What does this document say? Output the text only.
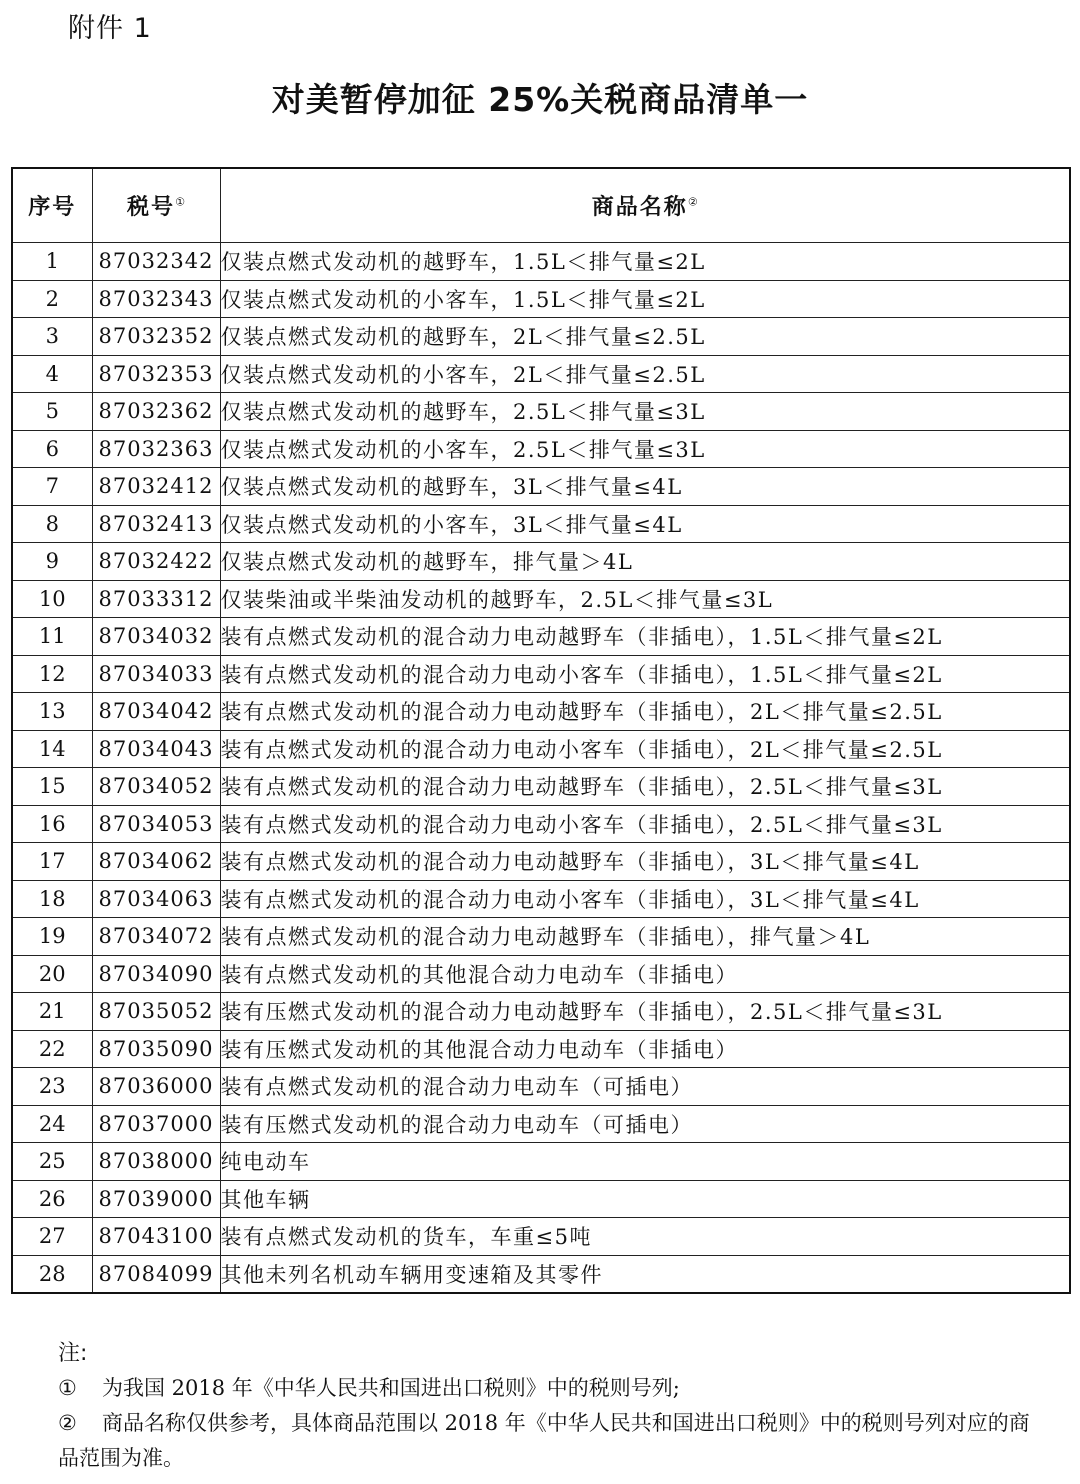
附件 1
对美暂停加征 25%关税商品清单一
序号	税号①	商品名称②
1	87032342	仅装点燃式发动机的越野车，1.5L＜排气量≤2L
2	87032343	仅装点燃式发动机的小客车，1.5L＜排气量≤2L
3	87032352	仅装点燃式发动机的越野车，2L＜排气量≤2.5L
4	87032353	仅装点燃式发动机的小客车，2L＜排气量≤2.5L
5	87032362	仅装点燃式发动机的越野车，2.5L＜排气量≤3L
6	87032363	仅装点燃式发动机的小客车，2.5L＜排气量≤3L
7	87032412	仅装点燃式发动机的越野车，3L＜排气量≤4L
8	87032413	仅装点燃式发动机的小客车，3L＜排气量≤4L
9	87032422	仅装点燃式发动机的越野车，排气量＞4L
10	87033312	仅装柴油或半柴油发动机的越野车，2.5L＜排气量≤3L
11	87034032	装有点燃式发动机的混合动力电动越野车（非插电），1.5L＜排气量≤2L
12	87034033	装有点燃式发动机的混合动力电动小客车（非插电），1.5L＜排气量≤2L
13	87034042	装有点燃式发动机的混合动力电动越野车（非插电），2L＜排气量≤2.5L
14	87034043	装有点燃式发动机的混合动力电动小客车（非插电），2L＜排气量≤2.5L
15	87034052	装有点燃式发动机的混合动力电动越野车（非插电），2.5L＜排气量≤3L
16	87034053	装有点燃式发动机的混合动力电动小客车（非插电），2.5L＜排气量≤3L
17	87034062	装有点燃式发动机的混合动力电动越野车（非插电），3L＜排气量≤4L
18	87034063	装有点燃式发动机的混合动力电动小客车（非插电），3L＜排气量≤4L
19	87034072	装有点燃式发动机的混合动力电动越野车（非插电），排气量＞4L
20	87034090	装有点燃式发动机的其他混合动力电动车（非插电）
21	87035052	装有压燃式发动机的混合动力电动越野车（非插电），2.5L＜排气量≤3L
22	87035090	装有压燃式发动机的其他混合动力电动车（非插电）
23	87036000	装有点燃式发动机的混合动力电动车（可插电）
24	87037000	装有压燃式发动机的混合动力电动车（可插电）
25	87038000	纯电动车
26	87039000	其他车辆
27	87043100	装有点燃式发动机的货车，车重≤5吨
28	87084099	其他未列名机动车辆用变速箱及其零件
注:
① 为我国 2018 年《中华人民共和国进出口税则》中的税则号列;
② 商品名称仅供参考，具体商品范围以 2018 年《中华人民共和国进出口税则》中的税则号列对应的商品范围为准。
